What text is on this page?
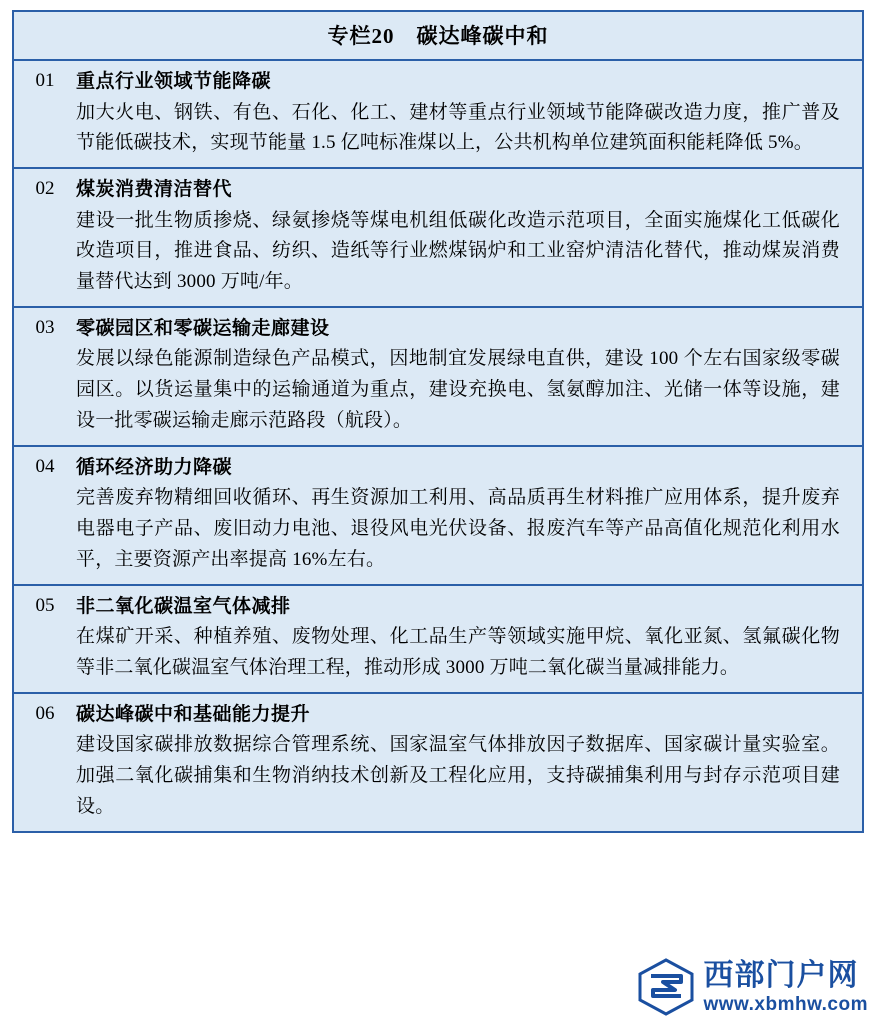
专栏20 碳达峰碳中和
01	重点行业领域节能降碳
加大火电、钢铁、有色、石化、化工、建材等重点行业领域节能降碳改造力度，推广普及节能低碳技术，实现节能量 1.5 亿吨标准煤以上，公共机构单位建筑面积能耗降低 5%。
02	煤炭消费清洁替代
建设一批生物质掺烧、绿氨掺烧等煤电机组低碳化改造示范项目，全面实施煤化工低碳化改造项目，推进食品、纺织、造纸等行业燃煤锅炉和工业窑炉清洁化替代，推动煤炭消费量替代达到 3000 万吨/年。
03	零碳园区和零碳运输走廊建设
发展以绿色能源制造绿色产品模式，因地制宜发展绿电直供，建设 100 个左右国家级零碳园区。以货运量集中的运输通道为重点，建设充换电、氢氨醇加注、光储一体等设施，建设一批零碳运输走廊示范路段（航段）。
04	循环经济助力降碳
完善废弃物精细回收循环、再生资源加工利用、高品质再生材料推广应用体系，提升废弃电器电子产品、废旧动力电池、退役风电光伏设备、报废汽车等产品高值化规范化利用水平，主要资源产出率提高 16%左右。
05	非二氧化碳温室气体减排
在煤矿开采、种植养殖、废物处理、化工品生产等领域实施甲烷、氧化亚氮、氢氟碳化物等非二氧化碳温室气体治理工程，推动形成 3000 万吨二氧化碳当量减排能力。
06	碳达峰碳中和基础能力提升
建设国家碳排放数据综合管理系统、国家温室气体排放因子数据库、国家碳计量实验室。加强二氧化碳捕集和生物消纳技术创新及工程化应用，支持碳捕集利用与封存示范项目建设。
西部门户网
www.xbmhw.com
